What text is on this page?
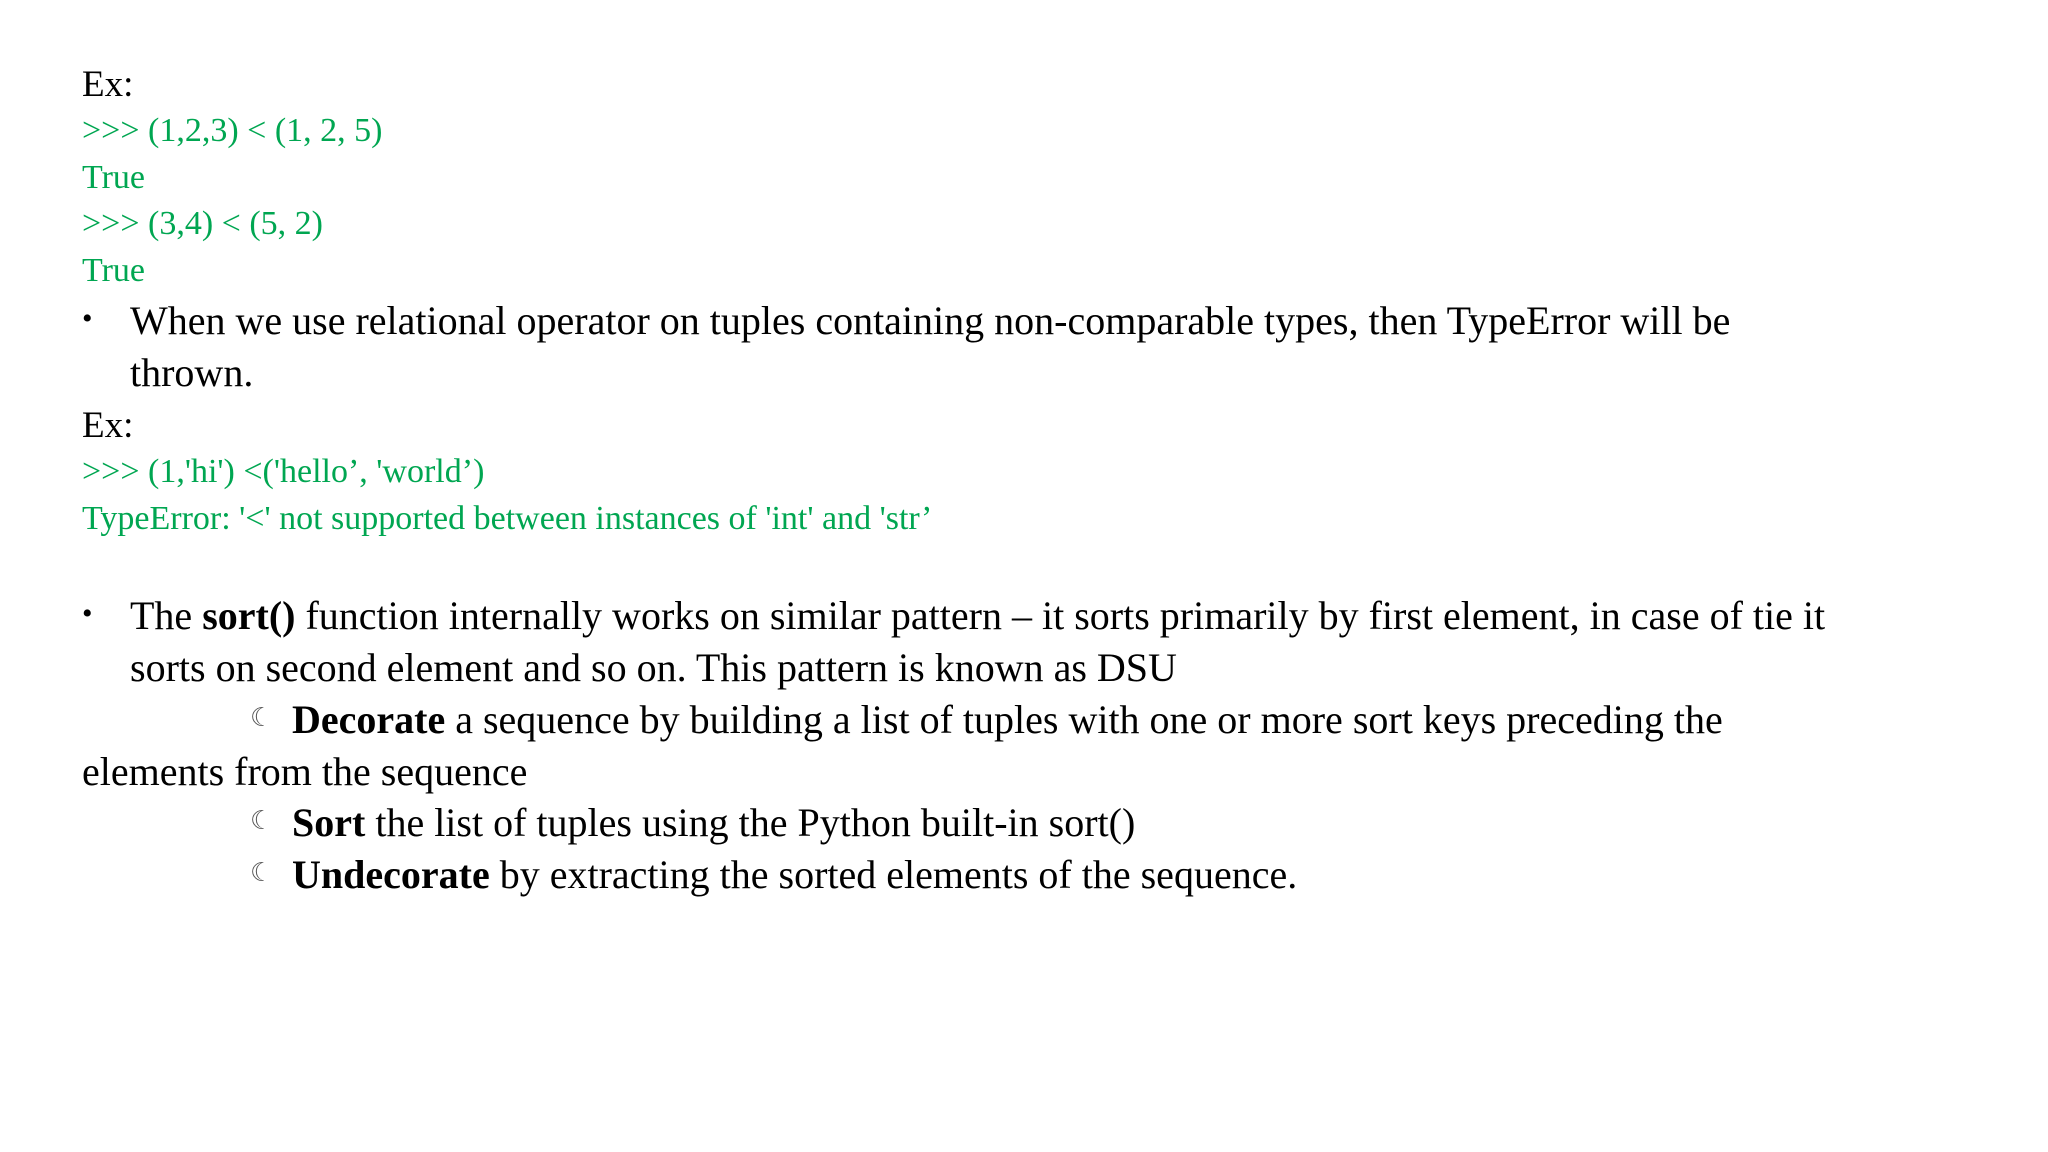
Ex:
>>> (1,2,3) < (1, 2, 5)
True
>>> (3,4) < (5, 2)
True
• When we use relational operator on tuples containing non-comparable types, then TypeError will be
thrown.
Ex:
>>> (1,'hi') <('hello’, 'world’)
TypeError: '<' not supported between instances of 'int' and 'str’
• The sort() function internally works on similar pattern – it sorts primarily by first element, in case of tie it
sorts on second element and so on. This pattern is known as DSU
☾ Decorate a sequence by building a list of tuples with one or more sort keys preceding the
elements from the sequence
☾ Sort the list of tuples using the Python built-in sort()
☾ Undecorate by extracting the sorted elements of the sequence.
